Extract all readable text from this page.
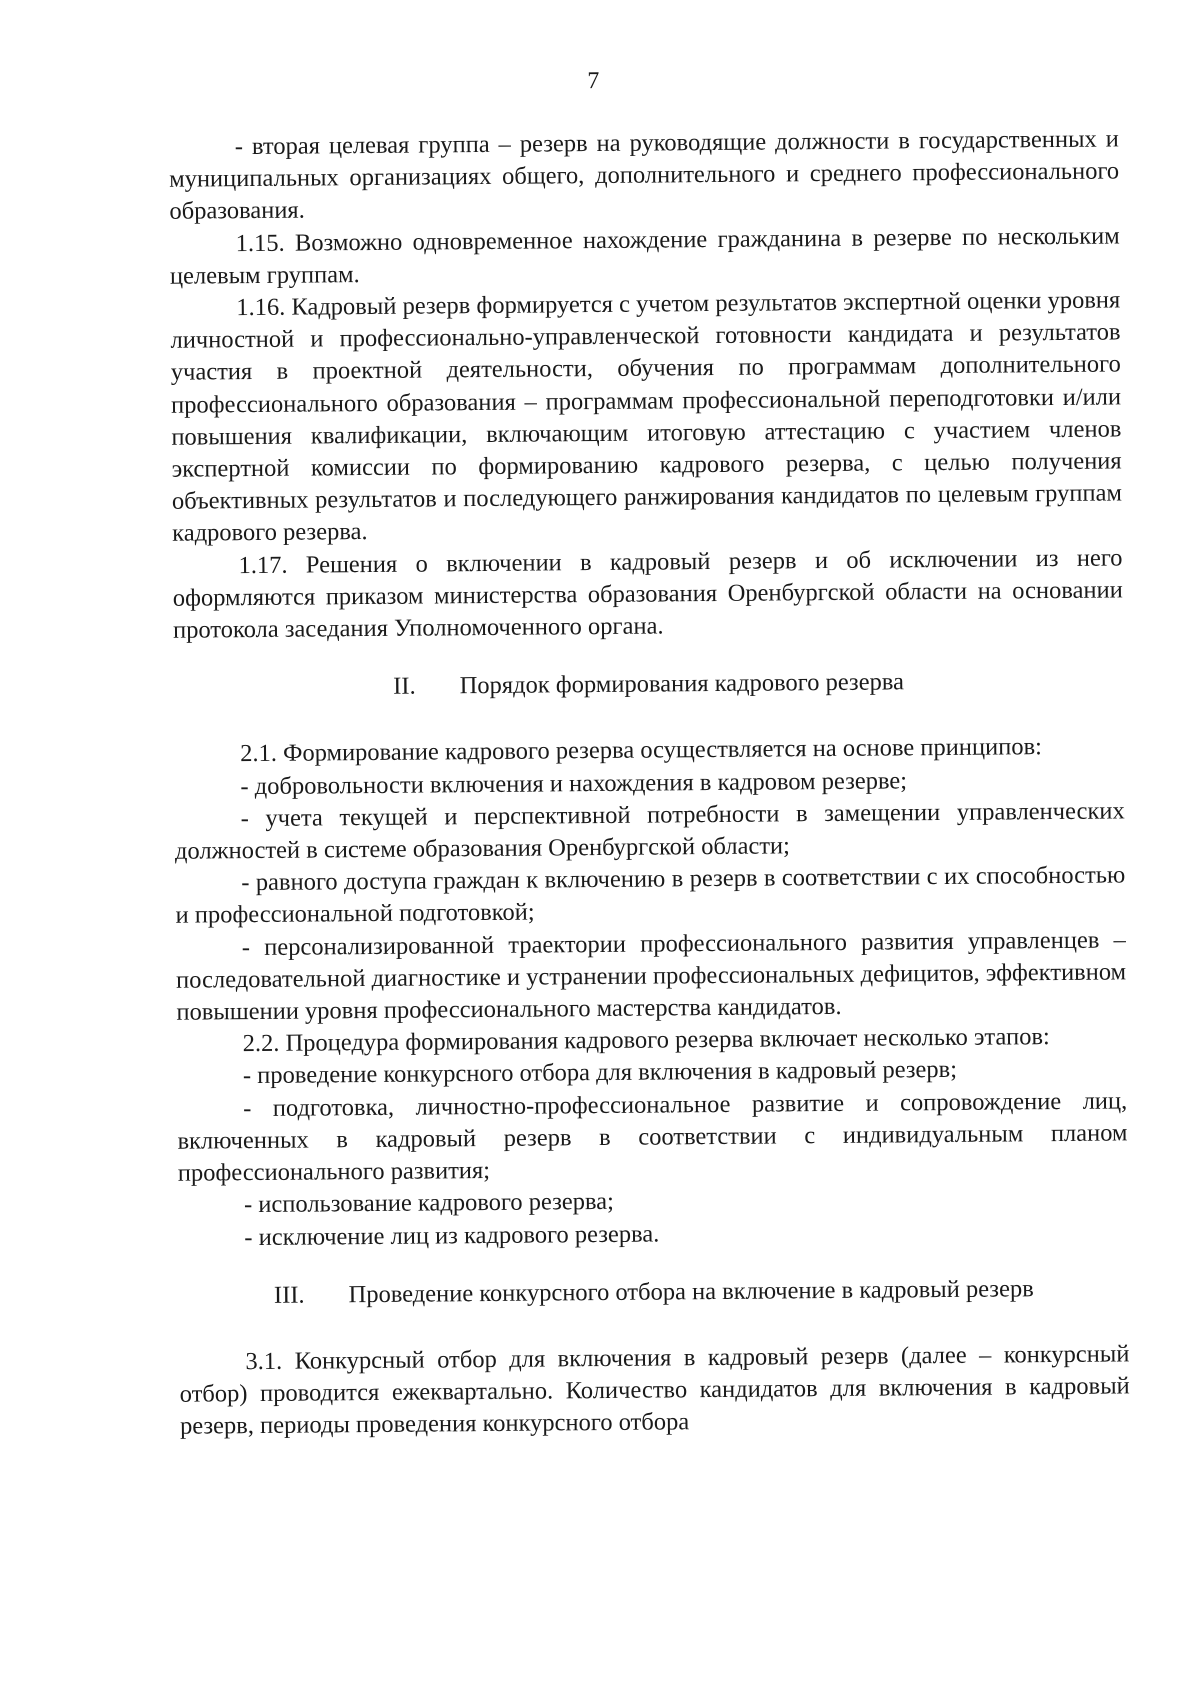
7

- вторая целевая группа – резерв на руководящие должности в государственных и муниципальных организациях общего, дополнительного и среднего профессионального образования.

1.15. Возможно одновременное нахождение гражданина в резерве по нескольким целевым группам.

1.16. Кадровый резерв формируется с учетом результатов экспертной оценки уровня личностной и профессионально-управленческой готовности кандидата и результатов участия в проектной деятельности, обучения по программам дополнительного профессионального образования – программам профессиональной переподготовки и/или повышения квалификации, включающим итоговую аттестацию с участием членов экспертной комиссии по формированию кадрового резерва, с целью получения объективных результатов и последующего ранжирования кандидатов по целевым группам кадрового резерва.

1.17. Решения о включении в кадровый резерв и об исключении из него оформляются приказом министерства образования Оренбургской области на основании протокола заседания Уполномоченного органа.

II. Порядок формирования кадрового резерва

2.1. Формирование кадрового резерва осуществляется на основе принципов:

- добровольности включения и нахождения в кадровом резерве;

- учета текущей и перспективной потребности в замещении управленческих должностей в системе образования Оренбургской области;

- равного доступа граждан к включению в резерв в соответствии с их способностью и профессиональной подготовкой;

- персонализированной траектории профессионального развития управленцев – последовательной диагностике и устранении профессиональных дефицитов, эффективном повышении уровня профессионального мастерства кандидатов.

2.2. Процедура формирования кадрового резерва включает несколько этапов:

- проведение конкурсного отбора для включения в кадровый резерв;

- подготовка, личностно-профессиональное развитие и сопровождение лиц, включенных в кадровый резерв в соответствии с индивидуальным планом профессионального развития;

- использование кадрового резерва;

- исключение лиц из кадрового резерва.

III. Проведение конкурсного отбора на включение в кадровый резерв

3.1. Конкурсный отбор для включения в кадровый резерв (далее – конкурсный отбор) проводится ежеквартально. Количество кандидатов для включения в кадровый резерв, периоды проведения конкурсного отбора
